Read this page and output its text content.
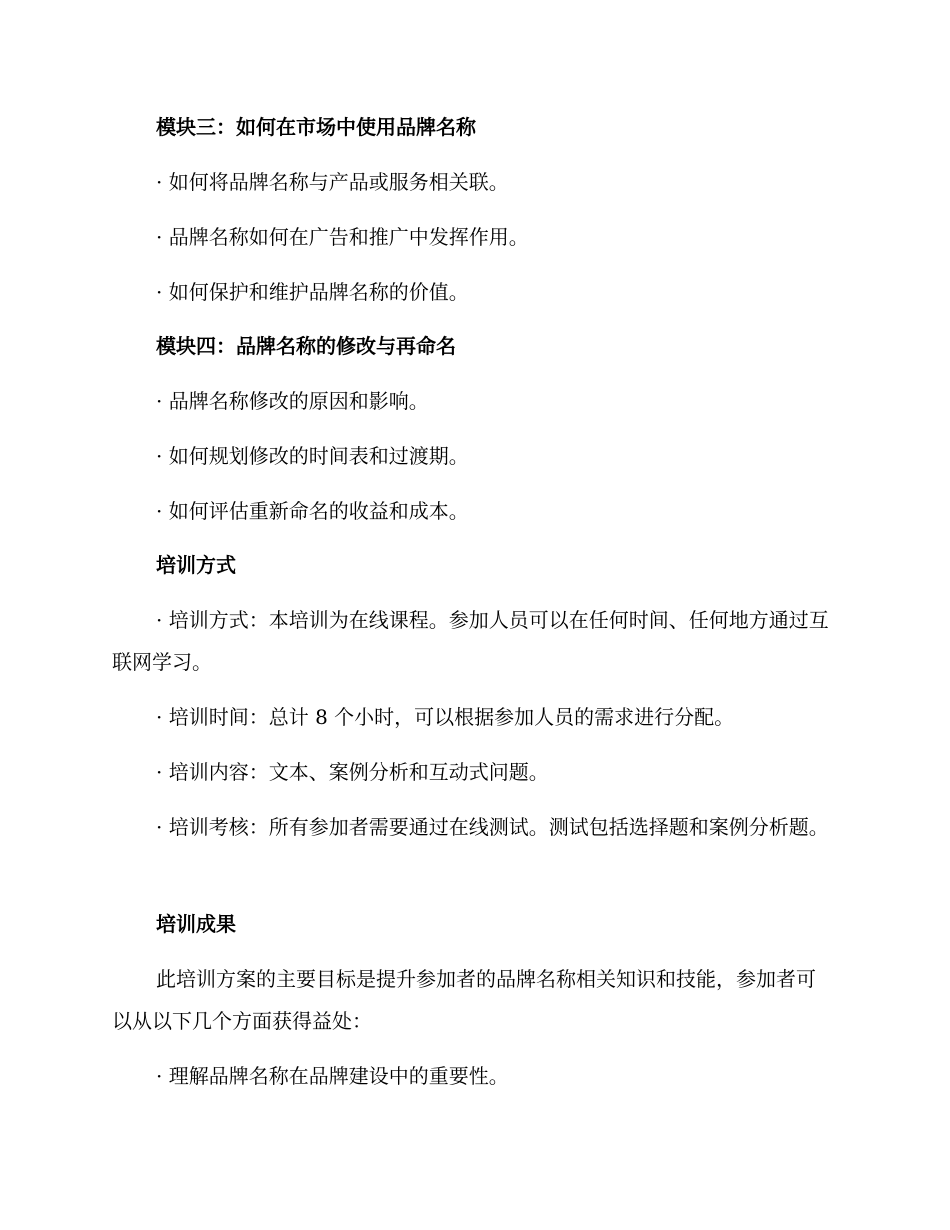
模块三：如何在市场中使用品牌名称
· 如何将品牌名称与产品或服务相关联。
· 品牌名称如何在广告和推广中发挥作用。
· 如何保护和维护品牌名称的价值。
模块四：品牌名称的修改与再命名
· 品牌名称修改的原因和影响。
· 如何规划修改的时间表和过渡期。
· 如何评估重新命名的收益和成本。
培训方式
· 培训方式：本培训为在线课程。参加人员可以在任何时间、任何地方通过互联网学习。
· 培训时间：总计 8 个小时，可以根据参加人员的需求进行分配。
· 培训内容：文本、案例分析和互动式问题。
· 培训考核：所有参加者需要通过在线测试。测试包括选择题和案例分析题。
培训成果
此培训方案的主要目标是提升参加者的品牌名称相关知识和技能，参加者可以从以下几个方面获得益处：
· 理解品牌名称在品牌建设中的重要性。
